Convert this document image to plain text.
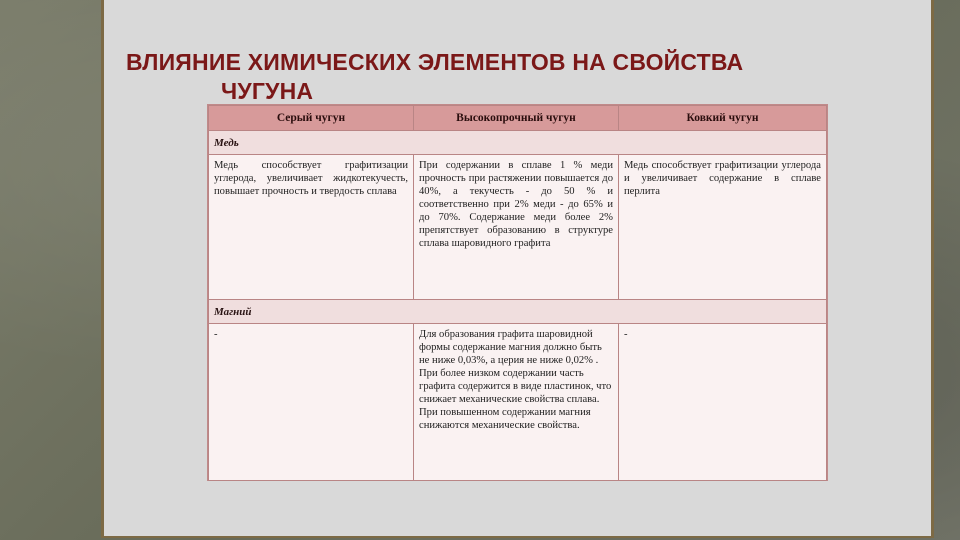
ВЛИЯНИЕ ХИМИЧЕСКИХ ЭЛЕМЕНТОВ НА СВОЙСТВА
ЧУГУНА
Серый чугун	Высокопрочный чугун	Ковкий чугун
Медь		
Медь способствует графитизации углерода, увеличивает жидкотекучесть, повышает прочность и твердость сплава	При содержании в сплаве 1 % меди прочность при растяжении повышается до 40%, а текучесть - до 50 % и соответственно при 2% меди - до 65% и до 70%. Содержание меди более 2% препятствует образованию в структуре сплава шаровидного графита	Медь способствует графитизации углерода и увеличивает содержание в сплаве перлита
Магний		
-	Для образования графита шаровидной формы содержание магния должно быть не ниже 0,03%, а церия не ниже 0,02% . При более низком содержании часть графита содержится в виде пластинок, что снижает механические свойства сплава. При повышенном содержании магния снижаются механические свойства.	-
